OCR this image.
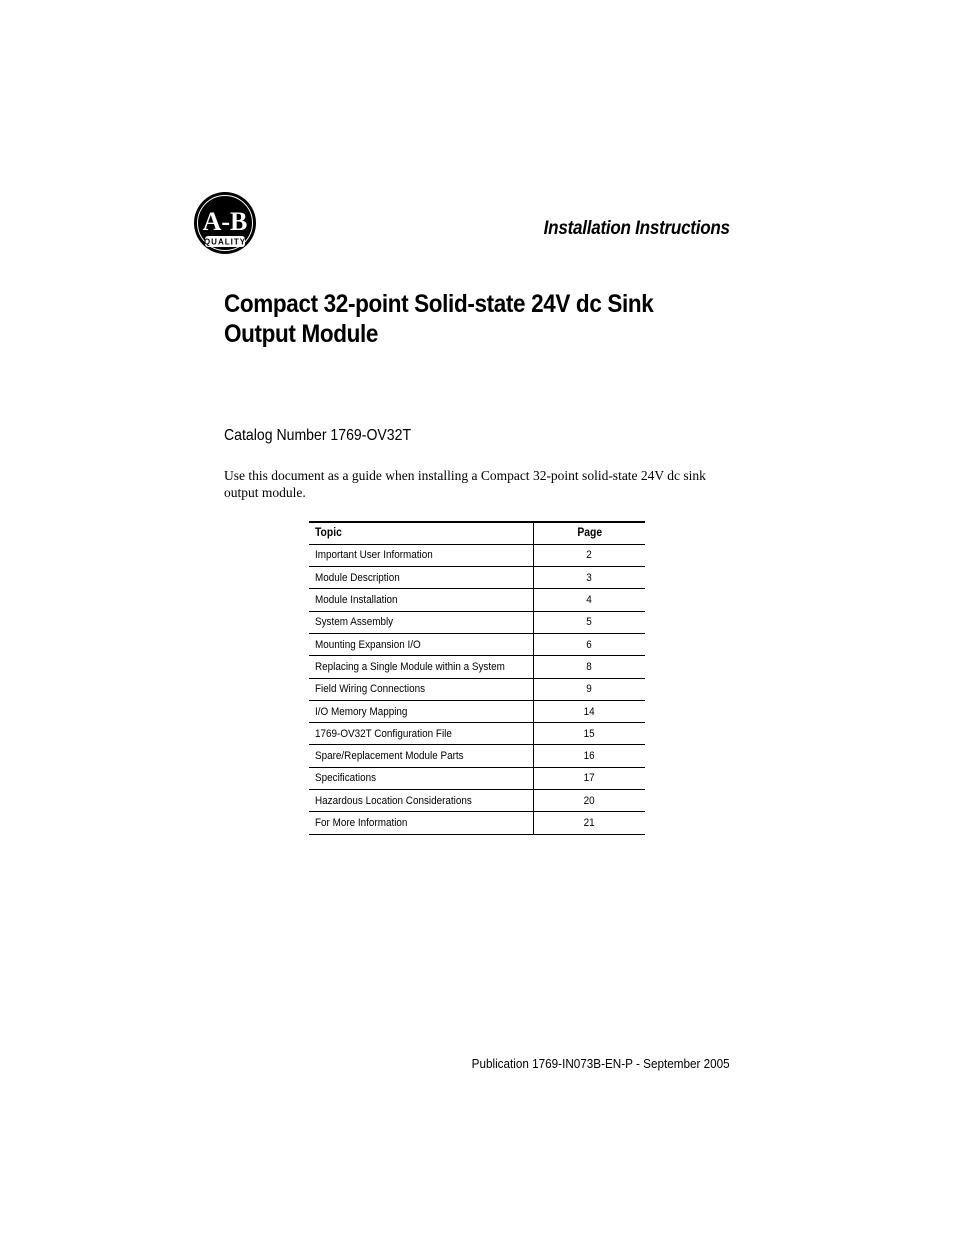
A-B
QUALITY
Installation Instructions
Compact 32-point Solid-state 24V dc Sink Output Module
Catalog Number 1769-OV32T

Use this document as a guide when installing a Compact 32-point solid-state 24V dc sink output module.

Topic	Page
Important User Information	2
Module Description	3
Module Installation	4
System Assembly	5
Mounting Expansion I/O	6
Replacing a Single Module within a System	8
Field Wiring Connections	9
I/O Memory Mapping	14
1769-OV32T Configuration File	15
Spare/Replacement Module Parts	16
Specifications	17
Hazardous Location Considerations	20
For More Information	21
Publication 1769-IN073B-EN-P - September 2005
